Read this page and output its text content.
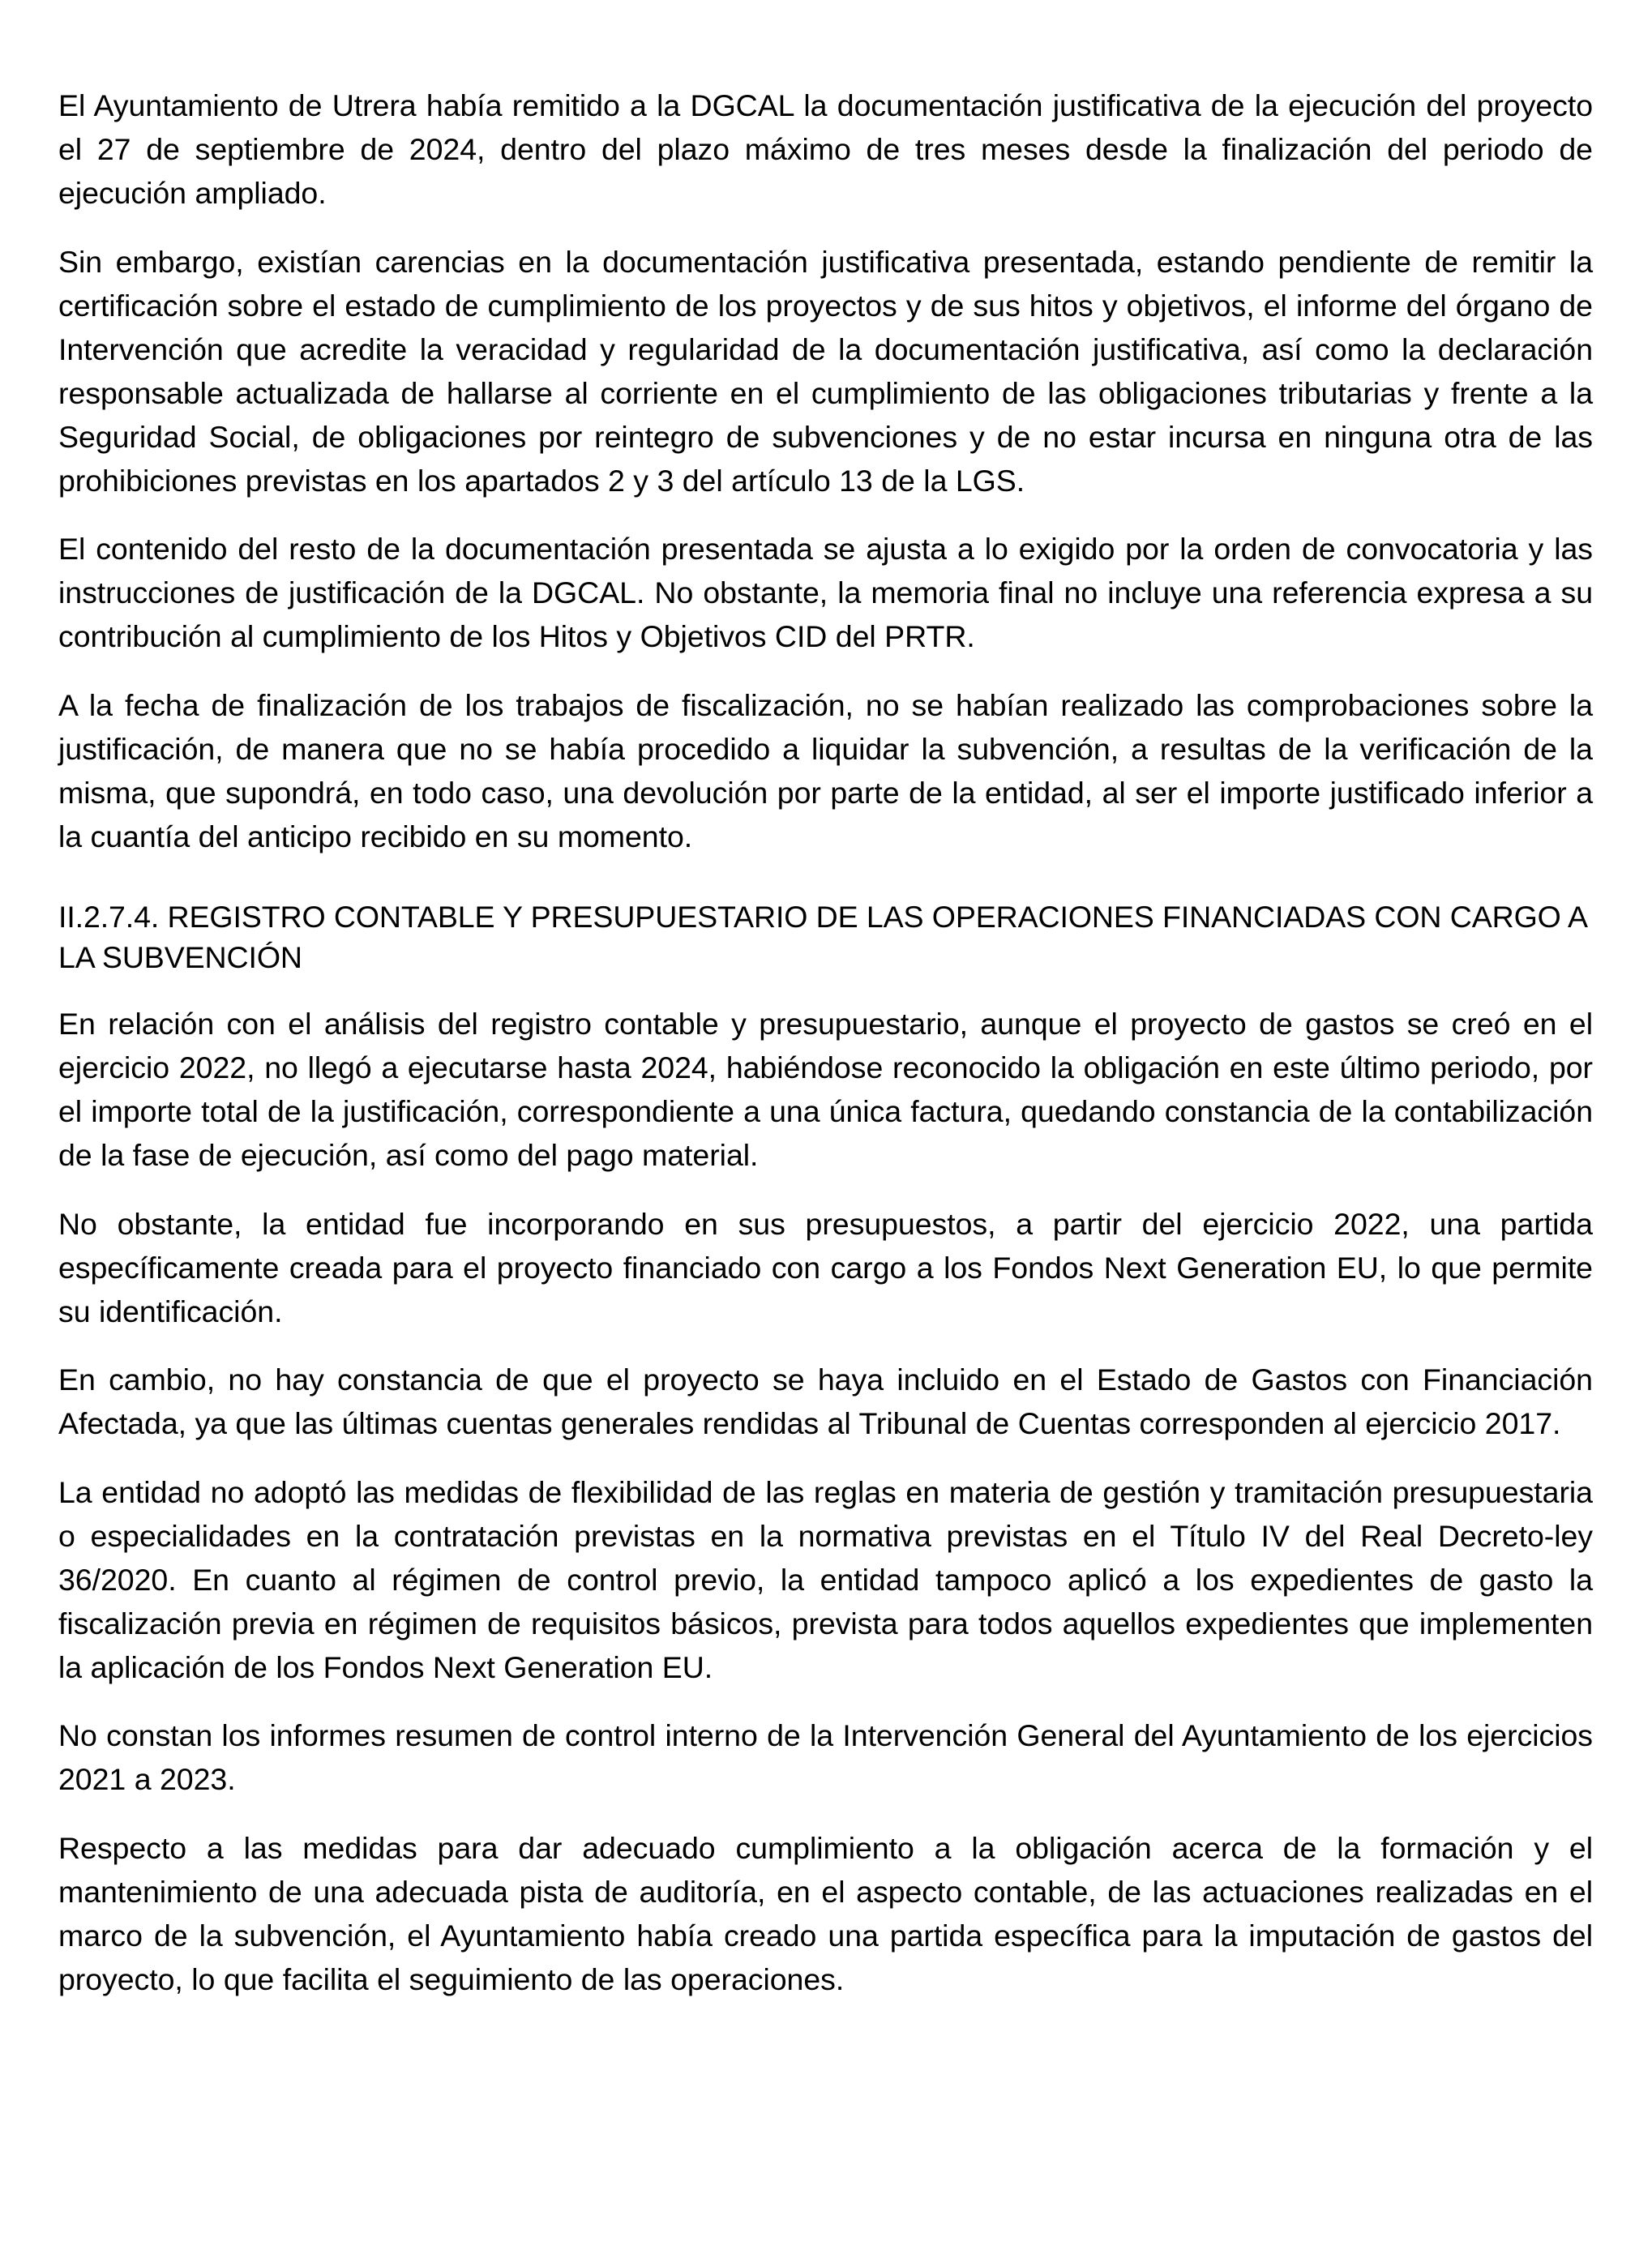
El Ayuntamiento de Utrera había remitido a la DGCAL la documentación justificativa de la ejecución del proyecto el 27 de septiembre de 2024, dentro del plazo máximo de tres meses desde la finalización del periodo de ejecución ampliado.

Sin embargo, existían carencias en la documentación justificativa presentada, estando pendiente de remitir la certificación sobre el estado de cumplimiento de los proyectos y de sus hitos y objetivos, el informe del órgano de Intervención que acredite la veracidad y regularidad de la documentación justificativa, así como la declaración responsable actualizada de hallarse al corriente en el cumplimiento de las obligaciones tributarias y frente a la Seguridad Social, de obligaciones por reintegro de subvenciones y de no estar incursa en ninguna otra de las prohibiciones previstas en los apartados 2 y 3 del artículo 13 de la LGS.

El contenido del resto de la documentación presentada se ajusta a lo exigido por la orden de convocatoria y las instrucciones de justificación de la DGCAL. No obstante, la memoria final no incluye una referencia expresa a su contribución al cumplimiento de los Hitos y Objetivos CID del PRTR.

A la fecha de finalización de los trabajos de fiscalización, no se habían realizado las comprobaciones sobre la justificación, de manera que no se había procedido a liquidar la subvención, a resultas de la verificación de la misma, que supondrá, en todo caso, una devolución por parte de la entidad, al ser el importe justificado inferior a la cuantía del anticipo recibido en su momento.

II.2.7.4. REGISTRO CONTABLE Y PRESUPUESTARIO DE LAS OPERACIONES FINANCIADAS CON CARGO A LA SUBVENCIÓN

En relación con el análisis del registro contable y presupuestario, aunque el proyecto de gastos se creó en el ejercicio 2022, no llegó a ejecutarse hasta 2024, habiéndose reconocido la obligación en este último periodo, por el importe total de la justificación, correspondiente a una única factura, quedando constancia de la contabilización de la fase de ejecución, así como del pago material.

No obstante, la entidad fue incorporando en sus presupuestos, a partir del ejercicio 2022, una partida específicamente creada para el proyecto financiado con cargo a los Fondos Next Generation EU, lo que permite su identificación.

En cambio, no hay constancia de que el proyecto se haya incluido en el Estado de Gastos con Financiación Afectada, ya que las últimas cuentas generales rendidas al Tribunal de Cuentas corresponden al ejercicio 2017.

La entidad no adoptó las medidas de flexibilidad de las reglas en materia de gestión y tramitación presupuestaria o especialidades en la contratación previstas en la normativa previstas en el Título IV del Real Decreto-ley 36/2020. En cuanto al régimen de control previo, la entidad tampoco aplicó a los expedientes de gasto la fiscalización previa en régimen de requisitos básicos, prevista para todos aquellos expedientes que implementen la aplicación de los Fondos Next Generation EU.

No constan los informes resumen de control interno de la Intervención General del Ayuntamiento de los ejercicios 2021 a 2023.

Respecto a las medidas para dar adecuado cumplimiento a la obligación acerca de la formación y el mantenimiento de una adecuada pista de auditoría, en el aspecto contable, de las actuaciones realizadas en el marco de la subvención, el Ayuntamiento había creado una partida específica para la imputación de gastos del proyecto, lo que facilita el seguimiento de las operaciones.
